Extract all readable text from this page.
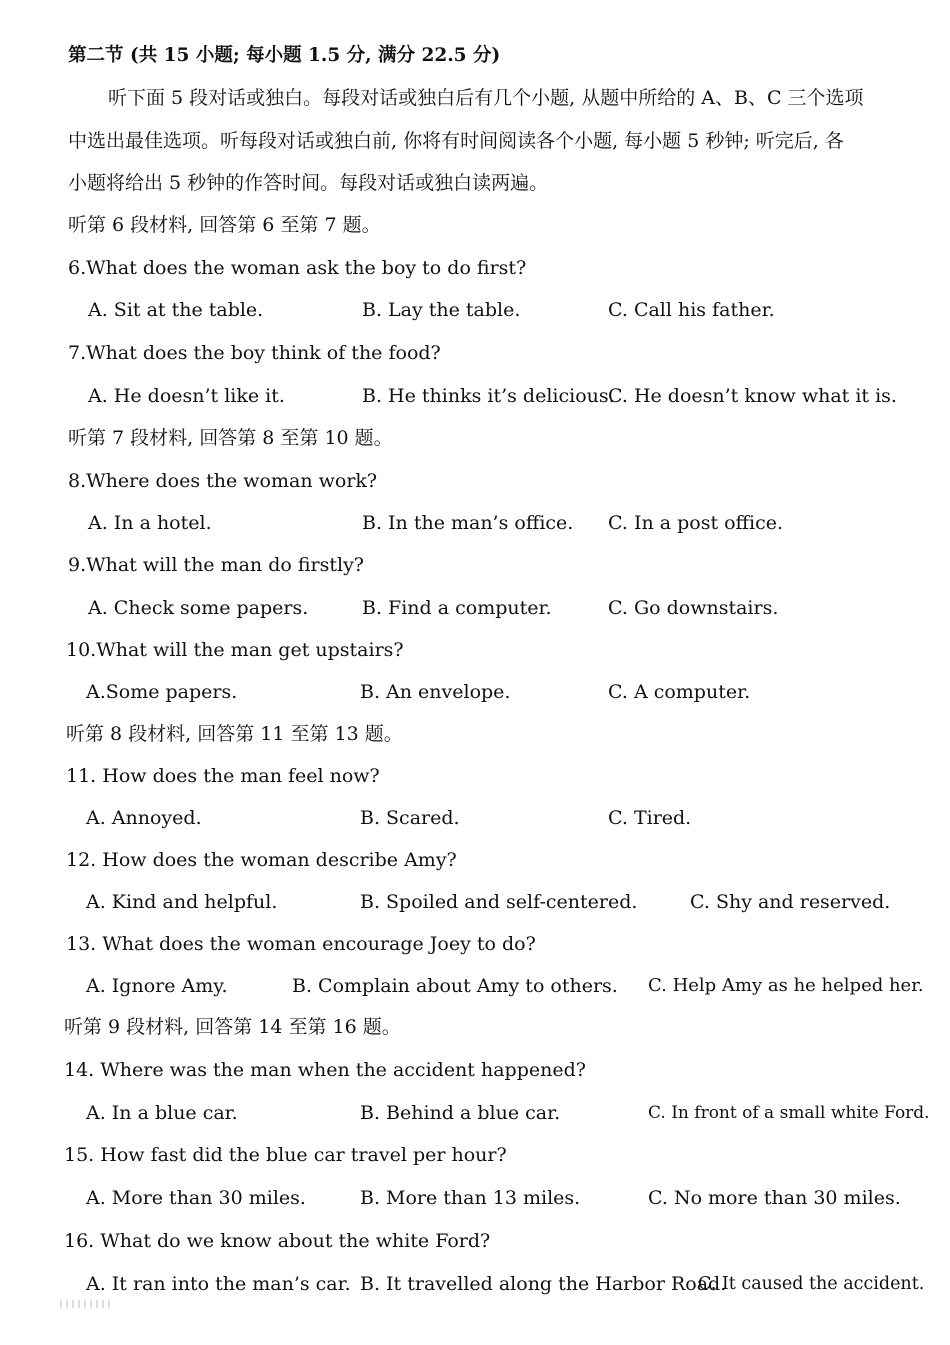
第二节 (共 15 小题; 每小题 1.5 分, 满分 22.5 分)
听下面 5 段对话或独白。每段对话或独白后有几个小题, 从题中所给的 A、B、C 三个选项
中选出最佳选项。听每段对话或独白前, 你将有时间阅读各个小题, 每小题 5 秒钟; 听完后, 各
小题将给出 5 秒钟的作答时间。每段对话或独白读两遍。
听第 6 段材料, 回答第 6 至第 7 题。
6.What does the woman ask the boy to do first?
A. Sit at the table.	B. Lay the table.	C. Call his father.
7.What does the boy think of the food?
A. He doesn’t like it.	B. He thinks it’s delicious.
C. He doesn’t know what it is.
听第 7 段材料, 回答第 8 至第 10 题。
8.Where does the woman work?
A. In a hotel.	B. In the man’s office. C. In a post office.
9.What will the man do firstly?
A. Check some papers.	B. Find a computer.	C. Go downstairs.
10.What will the man get upstairs?
A.Some papers.	B. An envelope.	C. A computer.
听第 8 段材料, 回答第 11 至第 13 题。
11. How does the man feel now?
A. Annoyed.	B. Scared.	C. Tired.
12. How does the woman describe Amy?
A. Kind and helpful.	B. Spoiled and self-centered.	C. Shy and reserved.
13. What does the woman encourage Joey to do?
A. Ignore Amy.	B. Complain about Amy to others. C. Help Amy as he helped her.
听第 9 段材料, 回答第 14 至第 16 题。
14. Where was the man when the accident happened?
A. In a blue car.	B. Behind a blue car.	C. In front of a small white Ford.
15. How fast did the blue car travel per hour?
A. More than 30 miles.	B. More than 13 miles.	C. No more than 30 miles.
16. What do we know about the white Ford?
A. It ran into the man’s car. B. It travelled along the Harbor Road.
C. It caused the accident.
